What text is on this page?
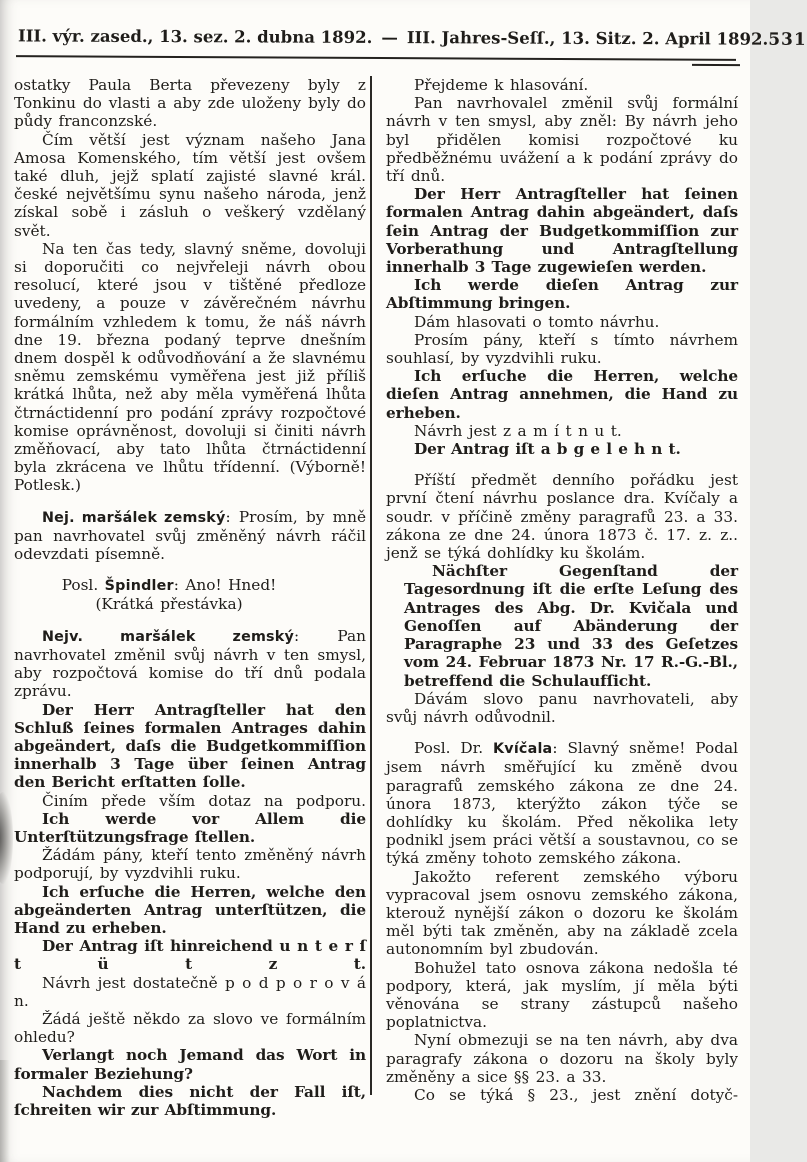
III. výr. zased., 13. sez. 2. dubna 1892. — III. Jahres-Seſſ., 13. Sitz. 2. April 1892. 531

ostatky Paula Berta převezeny byly z Tonkinu do vlasti a aby zde uloženy byly do půdy franconzské.

Čím větší jest význam našeho Jana Amosa Komenského, tím větší jest ovšem také dluh, jejž splatí zajisté slavné král. české největšímu synu našeho národa, jenž získal sobě i zásluh o veškerý vzdělaný svět.

Na ten čas tedy, slavný sněme, dovoluji si doporučiti co nejvřeleji návrh obou resolucí, které jsou v tištěné předloze uvedeny, a pouze v závěrečném návrhu formálním vzhledem k tomu, že náš návrh dne 19. března podaný teprve dnešním dnem dospěl k odůvodňování a že slavnému sněmu zemskému vyměřena jest již příliš krátká lhůta, než aby měla vyměřená lhůta čtrnáctidenní pro podání zprávy rozpočtové komise oprávněnost, dovoluji si činiti návrh změňovací, aby tato lhůta čtrnáctidenní byla zkrácena ve lhůtu třídenní. (Výborně! Potlesk.)

Nej. maršálek zemský: Prosím, by mně pan navrhovatel svůj změněný návrh ráčil odevzdati písemně.

Posl. Špindler: Ano! Hned!

(Krátká přestávka)

Nejv. maršálek zemský: Pan navrhovatel změnil svůj návrh v ten smysl, aby rozpočtová komise do tří dnů podala zprávu.

Der Herr Antragſteller hat den Schluß ſeines formalen Antrages dahin abgeändert, daſs die Budgetkommiſſion innerhalb 3 Tage über ſeinen Antrag den Bericht erſtatten ſolle.

Činím přede vším dotaz na podporu.

Ich werde vor Allem die Unterſtützungsfrage ſtellen.

Žádám pány, kteří tento změněný návrh podporují, by vyzdvihli ruku.

Ich erſuche die Herren, welche den abgeänderten Antrag unterſtützen, die Hand zu erheben.

Der Antrag iſt hinreichend u n t e r ſ t ü t z t.

Návrh jest dostatečně p o d p o r o v á n.

Žádá ještě někdo za slovo ve formálním ohledu?

Verlangt noch Jemand das Wort in formaler Beziehung?

Nachdem dies nicht der Fall iſt, ſchreiten wir zur Abſtimmung.

Přejdeme k hlasování.

Pan navrhovalel změnil svůj formální návrh v ten smysl, aby zněl: By návrh jeho byl přidělen komisi rozpočtové ku předběžnému uvážení a k podání zprávy do tří dnů.

Der Herr Antragſteller hat ſeinen formalen Antrag dahin abgeändert, daſs ſein Antrag der Budgetkommiſſion zur Vorberathung und Antragſtellung innerhalb 3 Tage zugewieſen werden.

Ich werde dieſen Antrag zur Abſtimmung bringen.

Dám hlasovati o tomto návrhu.

Prosím pány, kteří s tímto návrhem souhlasí, by vyzdvihli ruku.

Ich erſuche die Herren, welche dieſen Antrag annehmen, die Hand zu erheben.

Návrh jest z a m í t n u t.

Der Antrag iſt a b g e l e h n t.

Příští předmět denního pořádku jest první čtení návrhu poslance dra. Kvíčaly a soudr. v příčině změny paragrafů 23. a 33. zákona ze dne 24. února 1873 č. 17. z. z.. jenž se týká dohlídky ku školám.

Nächſter Gegenſtand der Tagesordnung iſt die erſte Leſung des Antrages des Abg. Dr. Kvičala und Genoſſen auf Abänderung der Paragraphe 23 und 33 des Geſetzes vom 24. Februar 1873 Nr. 17 R.-G.-Bl., betreffend die Schulaufſicht.

Dávám slovo panu navrhovateli, aby svůj návrh odůvodnil.

Posl. Dr. Kvíčala: Slavný sněme! Podal jsem návrh směřující ku změně dvou paragrafů zemského zákona ze dne 24. února 1873, kterýžto zákon týče se dohlídky ku školám. Před několika lety podnikl jsem práci větší a soustavnou, co se týká změny tohoto zemského zákona.

Jakožto referent zemského výboru vypracoval jsem osnovu zemského zákona, kterouž nynější zákon o dozoru ke školám měl býti tak změněn, aby na základě zcela autonomním byl zbudován.

Bohužel tato osnova zákona nedošla té podpory, která, jak myslím, jí měla býti věnována se strany zástupců našeho poplatnictva.

Nyní obmezuji se na ten návrh, aby dva paragrafy zákona o dozoru na školy byly změněny a sice §§ 23. a 33.

Co se týká § 23., jest znění dotyč-
